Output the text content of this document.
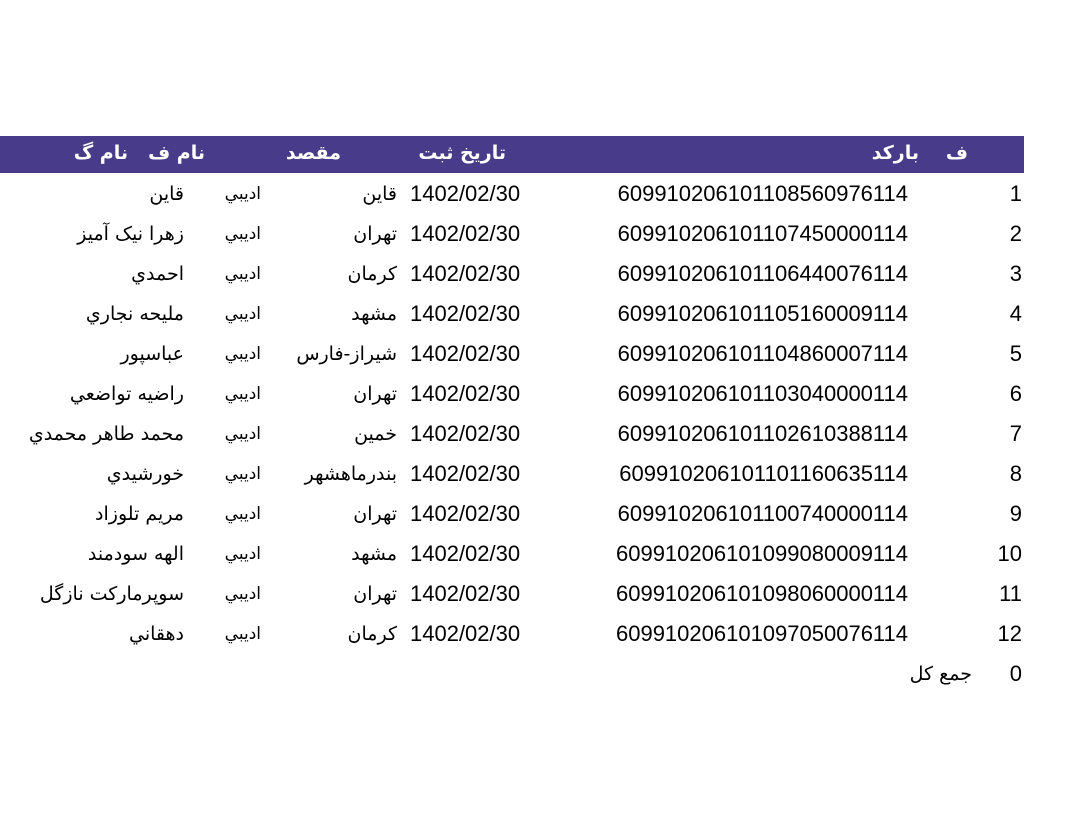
ف
بارکد
تاریخ ثبت
مقصد
نام ف
نام گ
1
609910206101108560976114
1402/02/30
قاين
اديبي
قاين
2
609910206101107450000114
1402/02/30
تهران
اديبي
زهرا نیک آمیز
3
609910206101106440076114
1402/02/30
كرمان
اديبي
احمدي
4
609910206101105160009114
1402/02/30
مشهد
اديبي
مليحه نجاري
5
609910206101104860007114
1402/02/30
شيراز-فارس
اديبي
عباسپور
6
609910206101103040000114
1402/02/30
تهران
اديبي
راضيه تواضعي
7
609910206101102610388114
1402/02/30
خمين
اديبي
محمد طاهر محمدي
8
609910206101101160635114
1402/02/30
بندرماهشهر
اديبي
خورشيدي
9
609910206101100740000114
1402/02/30
تهران
اديبي
مريم تلوزاد
10
609910206101099080009114
1402/02/30
مشهد
اديبي
الهه سودمند
11
609910206101098060000114
1402/02/30
تهران
اديبي
سوپرماركت نازگل
12
609910206101097050076114
1402/02/30
كرمان
اديبي
دهقاني
0
جمع کل
